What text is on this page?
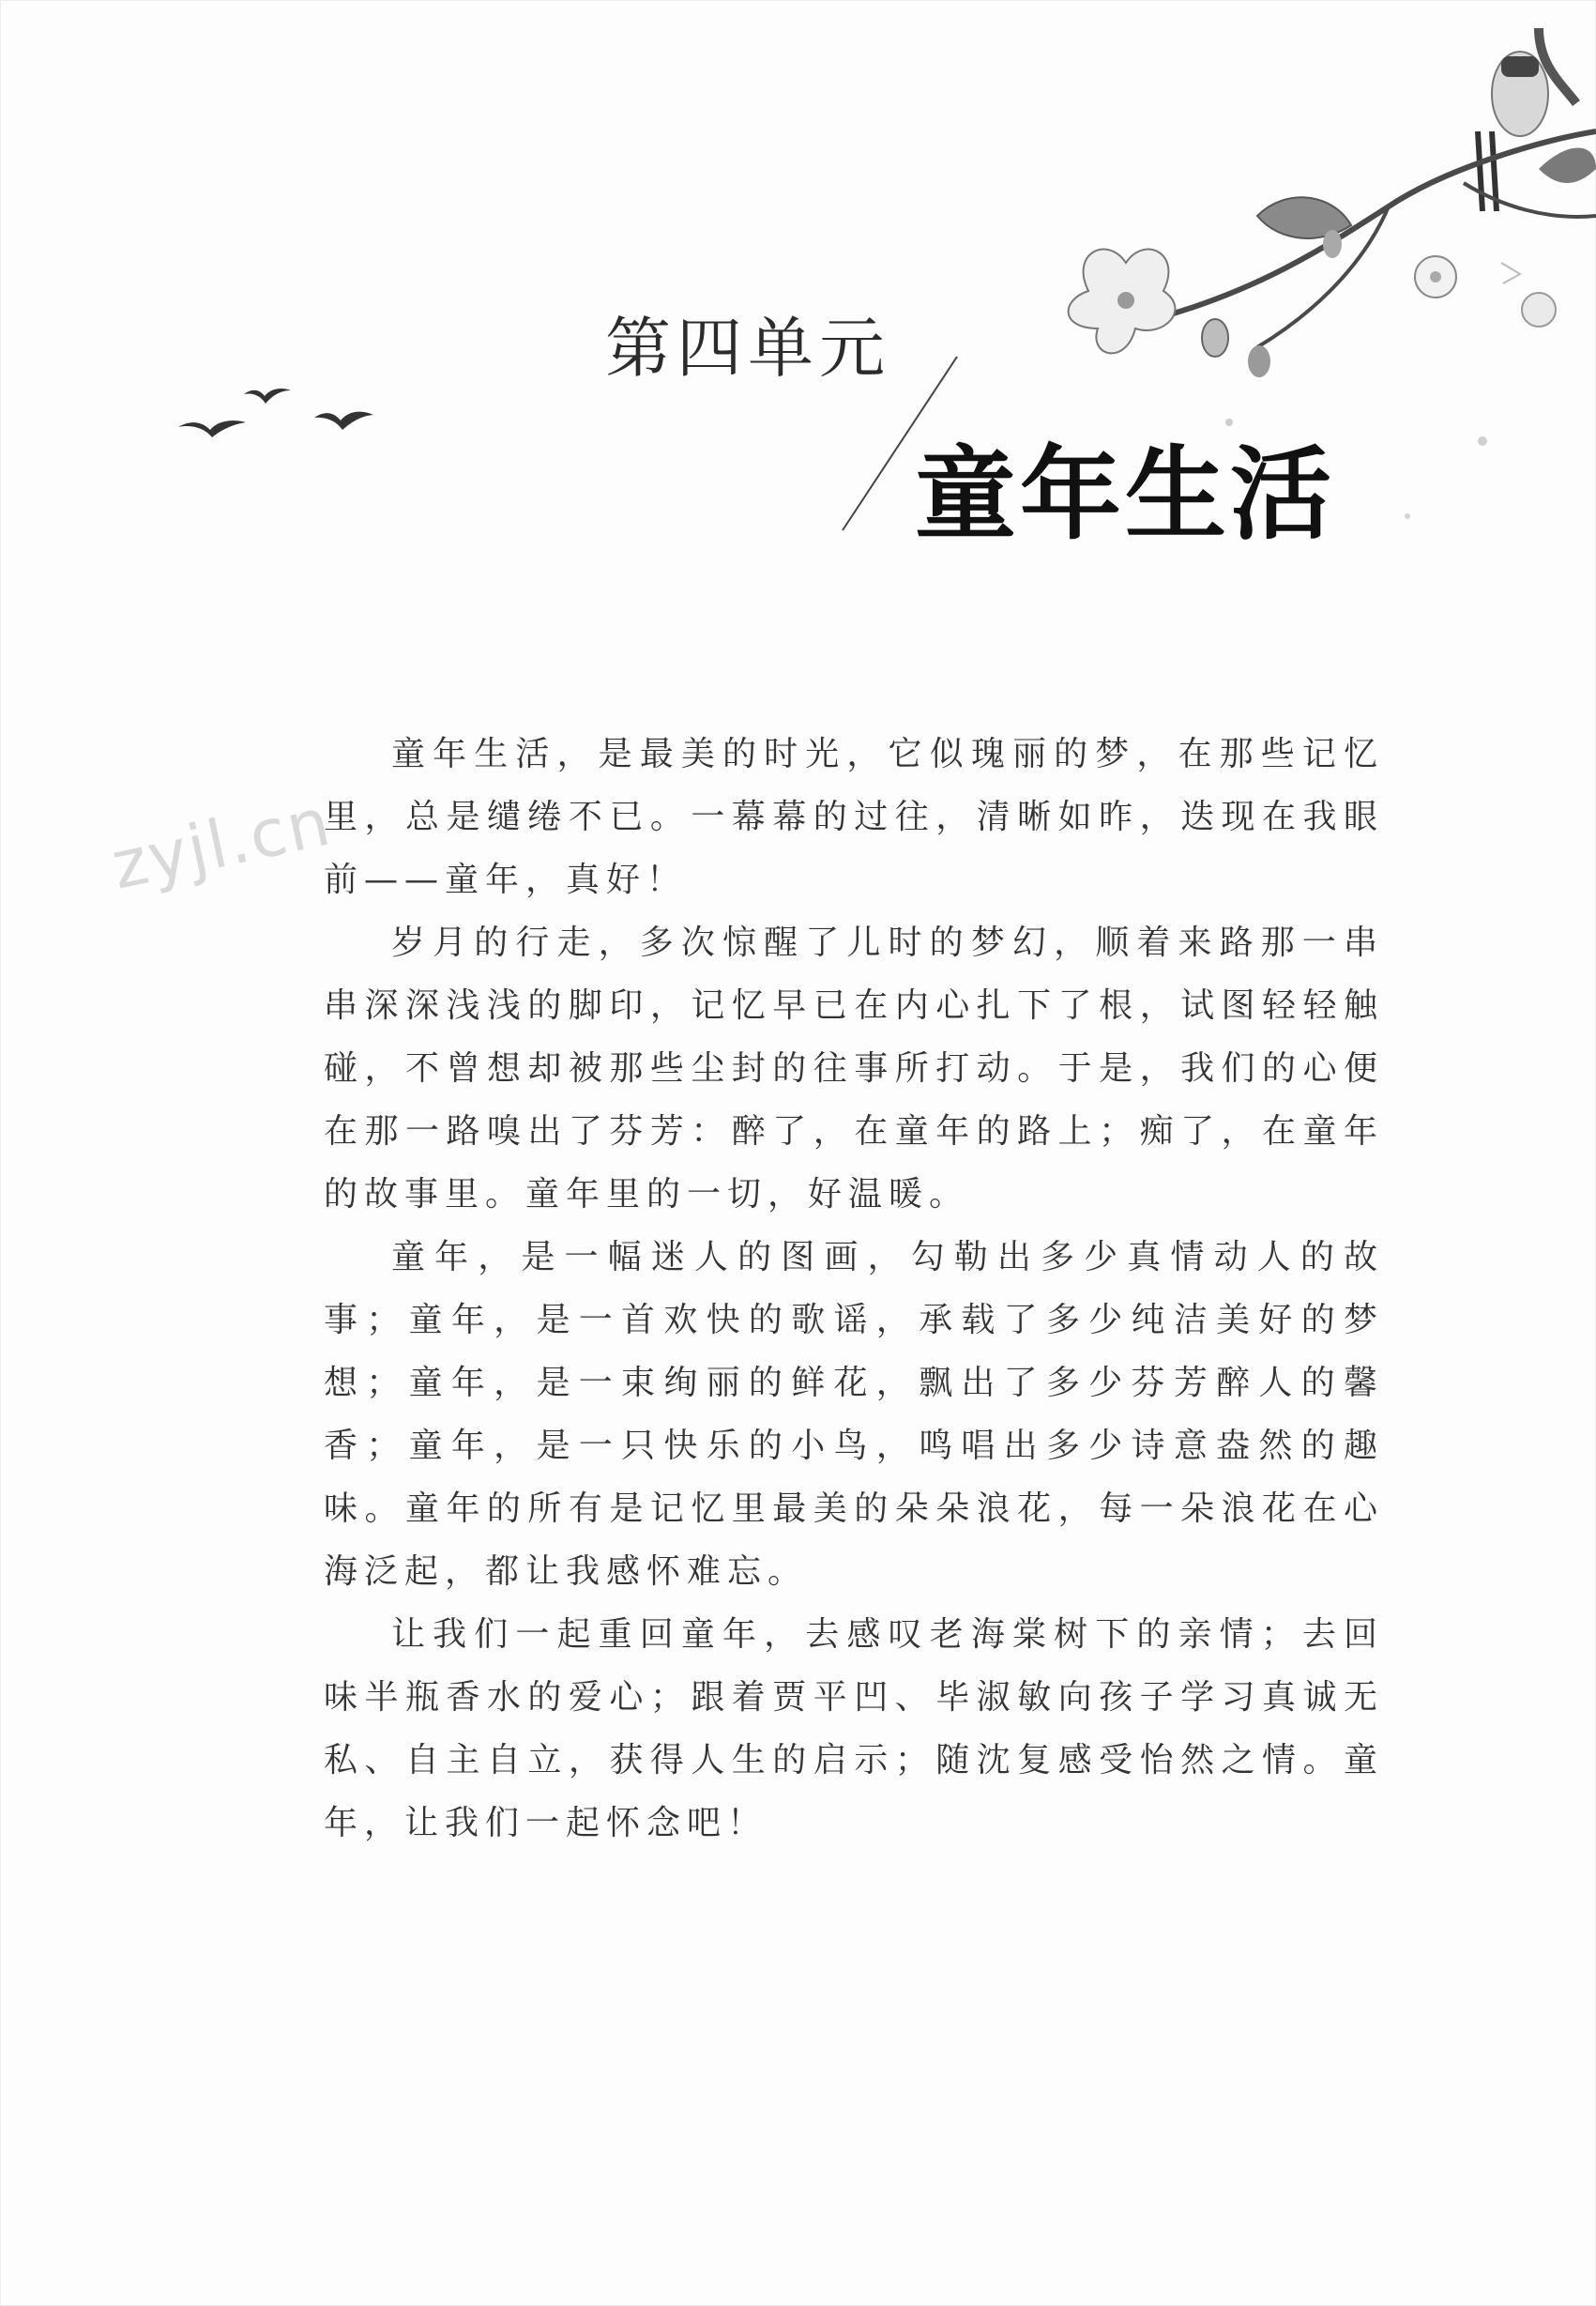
第四单元
童年生活
zyjl.cn

童年生活，是最美的时光，它似瑰丽的梦，在那些记忆里，总是缱绻不已。一幕幕的过往，清晰如昨，迭现在我眼前——童年，真好！

岁月的行走，多次惊醒了儿时的梦幻，顺着来路那一串串深深浅浅的脚印，记忆早已在内心扎下了根，试图轻轻触碰，不曾想却被那些尘封的往事所打动。于是，我们的心便在那一路嗅出了芬芳：醉了，在童年的路上；痴了，在童年的故事里。童年里的一切，好温暖。

童年，是一幅迷人的图画，勾勒出多少真情动人的故事；童年，是一首欢快的歌谣，承载了多少纯洁美好的梦想；童年，是一束绚丽的鲜花，飘出了多少芬芳醉人的馨香；童年，是一只快乐的小鸟，鸣唱出多少诗意盎然的趣味。童年的所有是记忆里最美的朵朵浪花，每一朵浪花在心海泛起，都让我感怀难忘。

让我们一起重回童年，去感叹老海棠树下的亲情；去回味半瓶香水的爱心；跟着贾平凹、毕淑敏向孩子学习真诚无私、自主自立，获得人生的启示；随沈复感受怡然之情。童年，让我们一起怀念吧！
